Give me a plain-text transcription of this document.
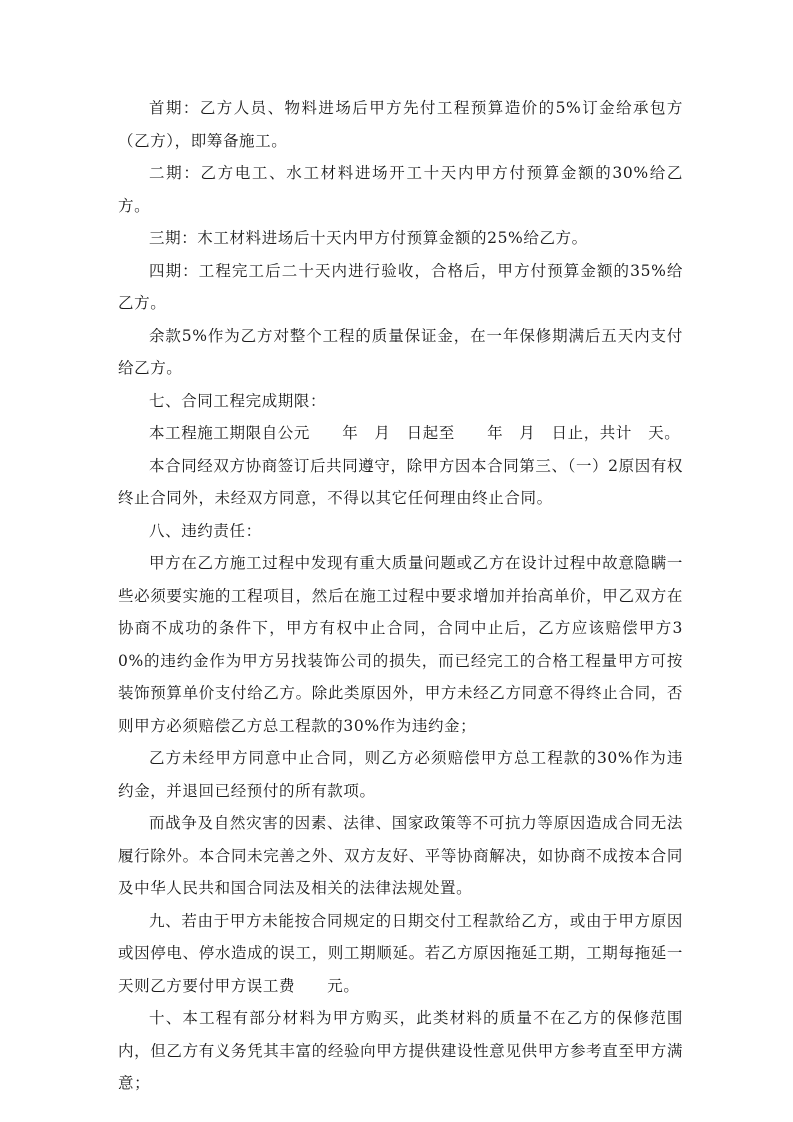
首期：乙方人员、物料进场后甲方先付工程预算造价的5%订金给承包方（乙方），即筹备施工。

二期：乙方电工、水工材料进场开工十天内甲方付预算金额的30%给乙方。

三期：木工材料进场后十天内甲方付预算金额的25%给乙方。

四期：工程完工后二十天内进行验收，合格后，甲方付预算金额的35%给乙方。

余款5%作为乙方对整个工程的质量保证金，在一年保修期满后五天内支付给乙方。

七、合同工程完成期限：

本工程施工期限自公元　　年　月　日起至　　年　月　日止，共计　天。

本合同经双方协商签订后共同遵守，除甲方因本合同第三、（一）2原因有权终止合同外，未经双方同意，不得以其它任何理由终止合同。

八、违约责任：

甲方在乙方施工过程中发现有重大质量问题或乙方在设计过程中故意隐瞒一些必须要实施的工程项目，然后在施工过程中要求增加并抬高单价，甲乙双方在协商不成功的条件下，甲方有权中止合同，合同中止后，乙方应该赔偿甲方30%的违约金作为甲方另找装饰公司的损失，而已经完工的合格工程量甲方可按装饰预算单价支付给乙方。除此类原因外，甲方未经乙方同意不得终止合同，否则甲方必须赔偿乙方总工程款的30%作为违约金；

乙方未经甲方同意中止合同，则乙方必须赔偿甲方总工程款的30%作为违约金，并退回已经预付的所有款项。

而战争及自然灾害的因素、法律、国家政策等不可抗力等原因造成合同无法履行除外。本合同未完善之外、双方友好、平等协商解决，如协商不成按本合同及中华人民共和国合同法及相关的法律法规处置。

九、若由于甲方未能按合同规定的日期交付工程款给乙方，或由于甲方原因或因停电、停水造成的误工，则工期顺延。若乙方原因拖延工期，工期每拖延一天则乙方要付甲方误工费　　元。

十、本工程有部分材料为甲方购买，此类材料的质量不在乙方的保修范围内，但乙方有义务凭其丰富的经验向甲方提供建设性意见供甲方参考直至甲方满意；
